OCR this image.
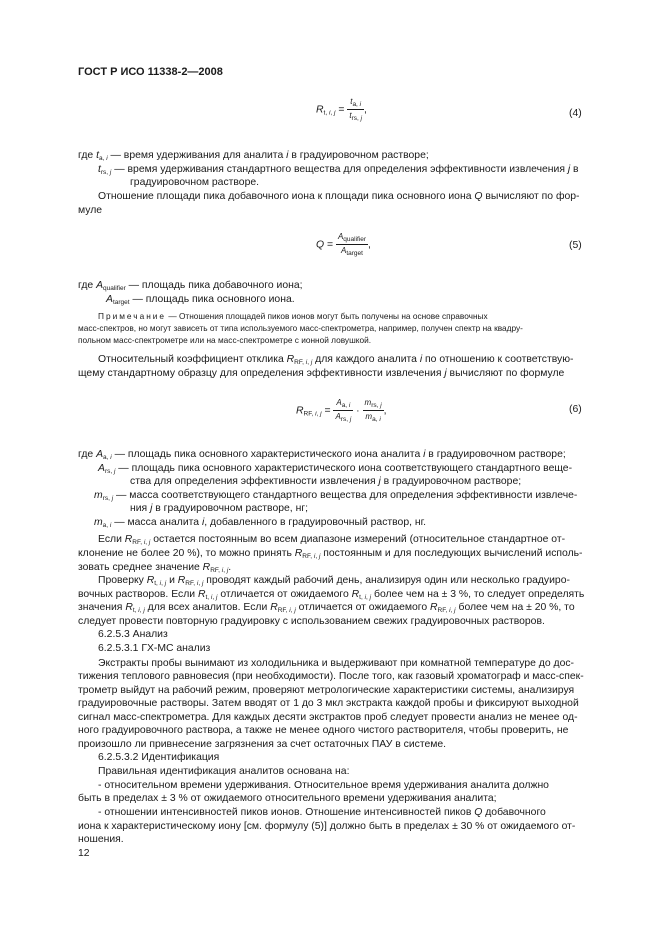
ГОСТ Р ИСО 11338-2—2008
$R_{t, i, j} = \frac{t_{a, i}}{t_{rs, j}}$ ,	(4)
где $t_{a, i}$ — время удерживания для аналита i в градуировочном растворе;
$t_{rs, j}$ — время удерживания стандартного вещества для определения эффективности извлечения j в
градуировочном растворе.
Отношение площади пика добавочного иона к площади пика основного иона Q вычисляют по фор-
муле
$Q = \frac{A_{qualifier}}{A_{target}}$ ,	(5)
где $A_{qualifier}$ — площадь пика добавочного иона;
$A_{target}$ — площадь пика основного иона.
Примечание — Отношения площадей пиков ионов могут быть получены на основе справочных
масс-спектров, но могут зависеть от типа используемого масс-спектрометра, например, получен спектр на квадру-
польном масс-спектрометре или на масс-спектрометре с ионной ловушкой.
Относительный коэффициент отклика $R_{RF, i, j}$ для каждого аналита i по отношению к соответствую-
щему стандартному образцу для определения эффективности извлечения j вычисляют по формуле
$R_{RF, i, j} = \frac{A_{a, i}}{A_{rs, j}} \cdot \frac{m_{rs, j}}{m_{a, i}}$ ,	(6)
где $A_{a, i}$ — площадь пика основного характеристического иона аналита i в градуировочном растворе;
$A_{rs, j}$ — площадь пика основного характеристического иона соответствующего стандартного веще-
ства для определения эффективности извлечения j в градуировочном растворе;
$m_{rs, j}$ — масса соответствующего стандартного вещества для определения эффективности извлече-
ния j в градуировочном растворе, нг;
$m_{a, i}$ — масса аналита i, добавленного в градуировочный раствор, нг.
Если $R_{RF, i, j}$ остается постоянным во всем диапазоне измерений (относительное стандартное от-
клонение не более 20 %), то можно принять $R_{RF, i, j}$ постоянным и для последующих вычислений исполь-
зовать среднее значение $R_{RF, i, j}$.
Проверку $R_{t, i, j}$ и $R_{RF, i, j}$ проводят каждый рабочий день, анализируя один или несколько градуиро-
вочных растворов. Если $R_{t, i, j}$ отличается от ожидаемого $R_{t, i, j}$ более чем на ± 3 %, то следует определять
значения $R_{t, i, j}$ для всех аналитов. Если $R_{RF, i, j}$ отличается от ожидаемого $R_{RF, i, j}$ более чем на ± 20 %, то
следует провести повторную градуировку с использованием свежих градуировочных растворов.
6.2.5.3 Анализ
6.2.5.3.1 ГХ-МС анализ
Экстракты пробы вынимают из холодильника и выдерживают при комнатной температуре до дос-
тижения теплового равновесия (при необходимости). После того, как газовый хроматограф и масс-спек-
трометр выйдут на рабочий режим, проверяют метрологические характеристики системы, анализируя
градуировочные растворы. Затем вводят от 1 до 3 мкл экстракта каждой пробы и фиксируют выходной
сигнал масс-спектрометра. Для каждых десяти экстрактов проб следует провести анализ не менее од-
ного градуировочного раствора, а также не менее одного чистого растворителя, чтобы проверить, не
произошло ли привнесение загрязнения за счет остаточных ПАУ в системе.
6.2.5.3.2 Идентификация
Правильная идентификация аналитов основана на:
- относительном времени удерживания. Относительное время удерживания аналита должно
быть в пределах ± 3 % от ожидаемого относительного времени удерживания аналита;
- отношении интенсивностей пиков ионов. Отношение интенсивностей пиков Q добавочного
иона к характеристическому иону [см. формулу (5)] должно быть в пределах ± 30 % от ожидаемого от-
ношения.
12
